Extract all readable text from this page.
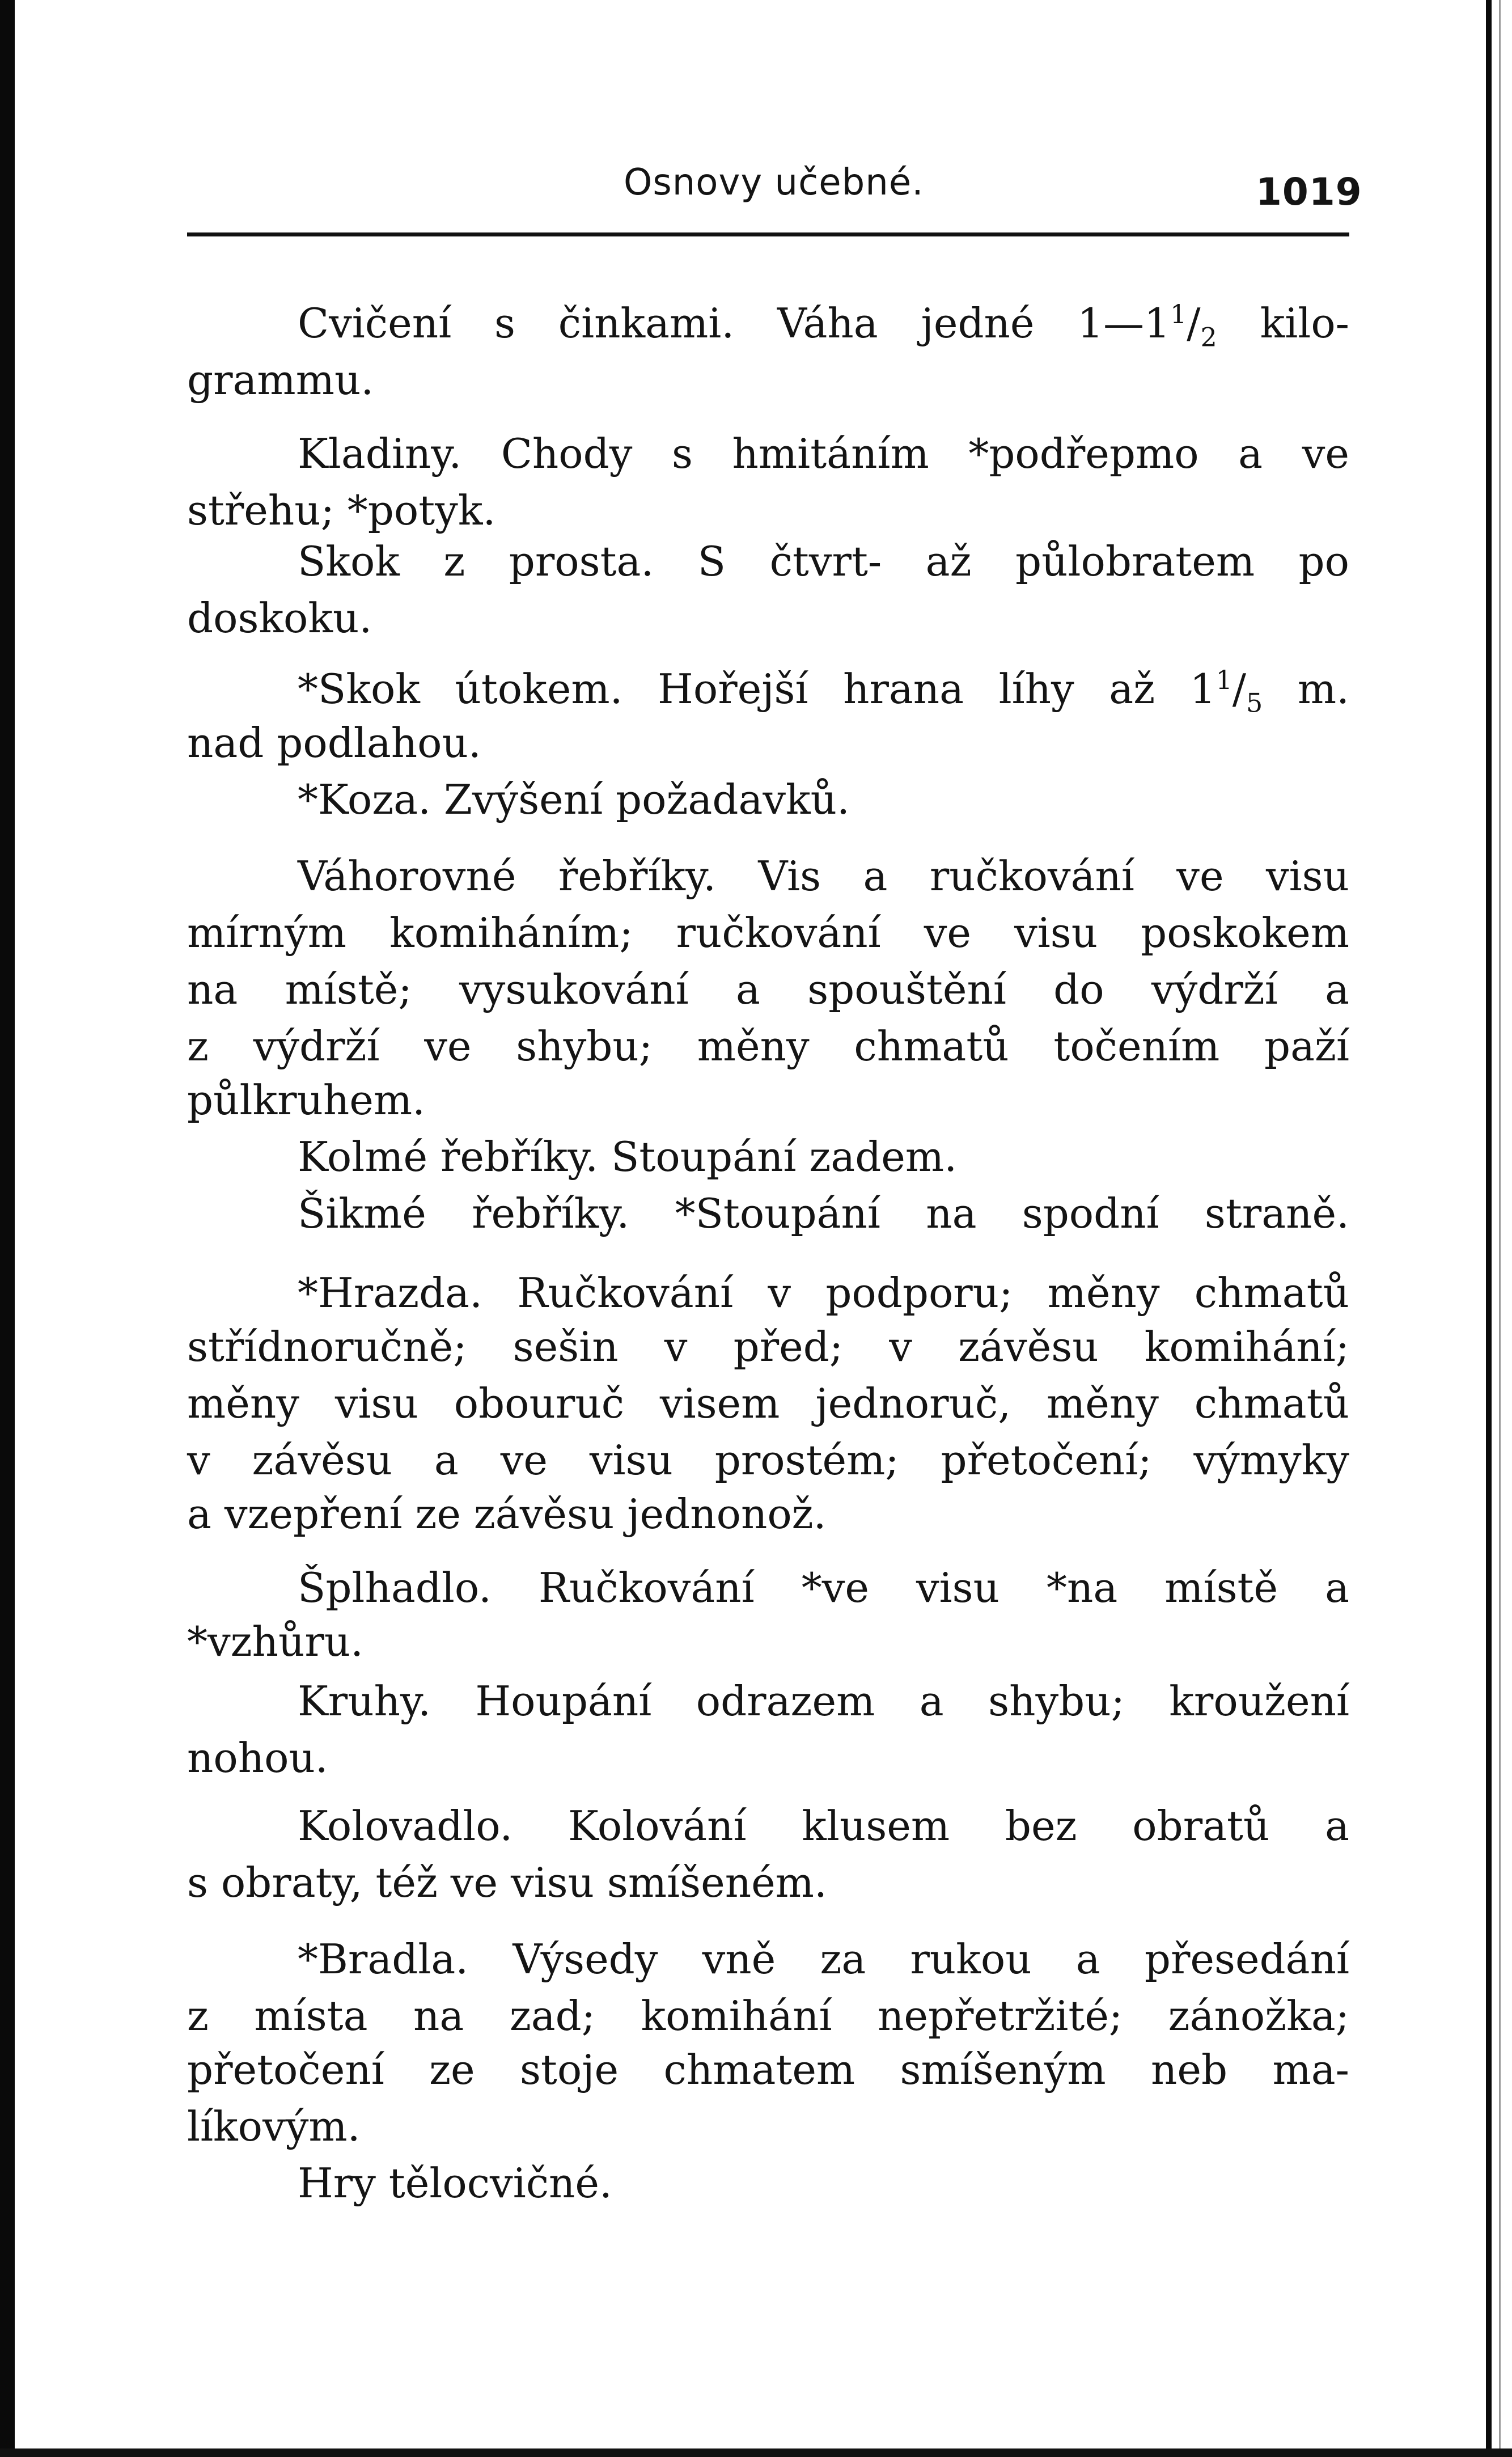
Osnovy učebné.	1019
Cvičení s činkami. Váha jedné $1—1^1/_2$ kilo-
grammu.
Kladiny. Chody s hmitáním *podřepmo a ve
střehu; *potyk.
Skok z prosta. S čtvrt- až půlobratem po
doskoku.
*Skok útokem. Hořejší hrana líhy až $1^1/_5$ m.
nad podlahou.
*Koza. Zvýšení požadavků.
Váhorovné řebříky. Vis a ručkování ve visu
mírným komiháním; ručkování ve visu poskokem
na místě; vysukování a spouštění do výdrží a
z výdrží ve shybu; měny chmatů točením paží
půlkruhem.
Kolmé řebříky. Stoupání zadem.
Šikmé řebříky. *Stoupání na spodní straně.
*Hrazda. Ručkování v podporu; měny chmatů
střídnoručně; sešin v před; v závěsu komihání;
měny visu obouruč visem jednoruč, měny chmatů
v závěsu a ve visu prostém; přetočení; výmyky
a vzepření ze závěsu jednonož.
Šplhadlo. Ručkování *ve visu *na místě a
*vzhůru.
Kruhy. Houpání odrazem a shybu; kroužení
nohou.
Kolovadlo. Kolování klusem bez obratů a
s obraty, též ve visu smíšeném.
*Bradla. Výsedy vně za rukou a přesedání
z místa na zad; komihání nepřetržité; zánožka;
přetočení ze stoje chmatem smíšeným neb ma-
líkovým.
Hry tělocvičné.
